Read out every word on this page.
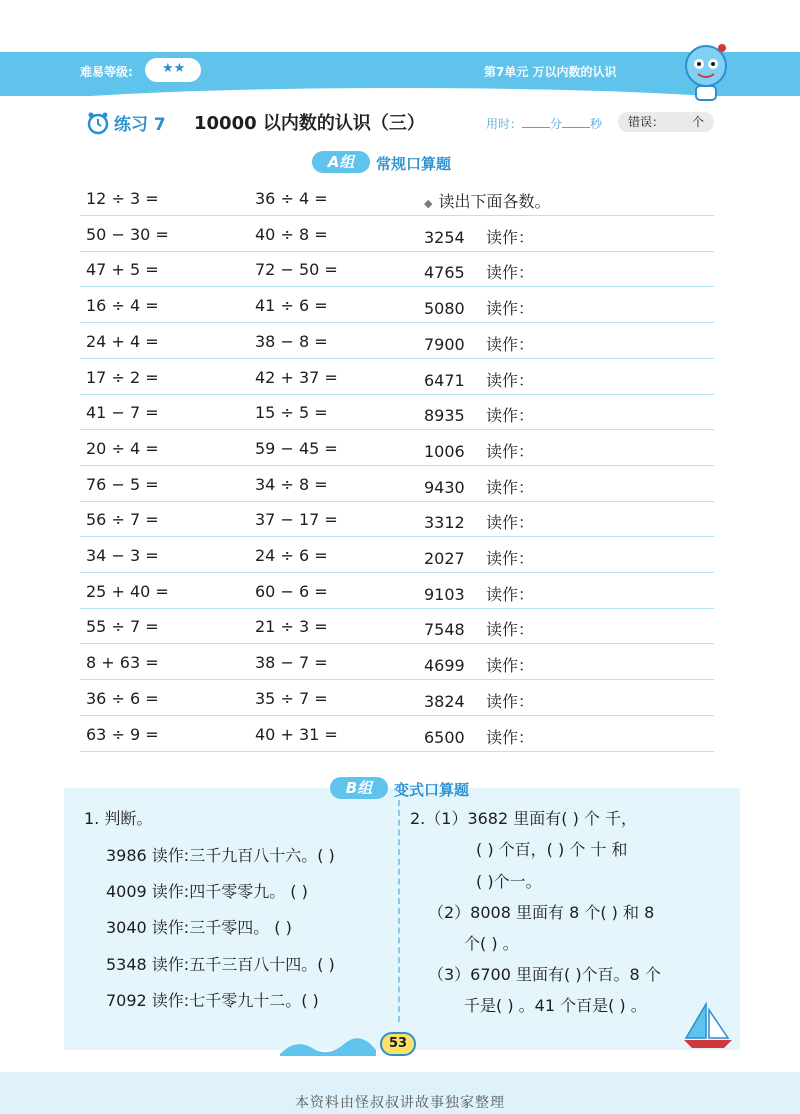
难易等级: ★★	第7单元 万以内数的认识
练习 7 10000 以内数的认识（三）	用时： 分 秒	错误： 个
A组	常规口算题
12 ÷ 3 =	36 ÷ 4 =	◆ 读出下面各数。
50 − 30 =	40 ÷ 8 =	3254 读作：
47 + 5 =	72 − 50 =	4765 读作：
16 ÷ 4 =	41 ÷ 6 =	5080 读作：
24 + 4 =	38 − 8 =	7900 读作：
17 ÷ 2 =	42 + 37 =	6471 读作：
41 − 7 =	15 ÷ 5 =	8935 读作：
20 ÷ 4 =	59 − 45 =	1006 读作：
76 − 5 =	34 ÷ 8 =	9430 读作：
56 ÷ 7 =	37 − 17 =	3312 读作：
34 − 3 =	24 ÷ 6 =	2027 读作：
25 + 40 =	60 − 6 =	9103 读作：
55 ÷ 7 =	21 ÷ 3 =	7548 读作：
8 + 63 =	38 − 7 =	4699 读作：
36 ÷ 6 =	35 ÷ 7 =	3824 读作：
63 ÷ 9 =	40 + 31 =	6500 读作：
B组	变式口算题
1. 判断。
3986 读作:三千九百八十六。( )
4009 读作:四千零零九。 ( )
3040 读作:三千零四。 ( )
5348 读作:五千三百八十四。( )
7092 读作:七千零九十二。( )
2.（1）3682 里面有( ) 个 千，
( ) 个百，( ) 个 十 和
( )个一。
（2）8008 里面有 8 个( ) 和 8
个( ) 。
（3）6700 里面有( )个百。8 个
千是( ) 。41 个百是( ) 。
53
本资料由怪叔叔讲故事独家整理
